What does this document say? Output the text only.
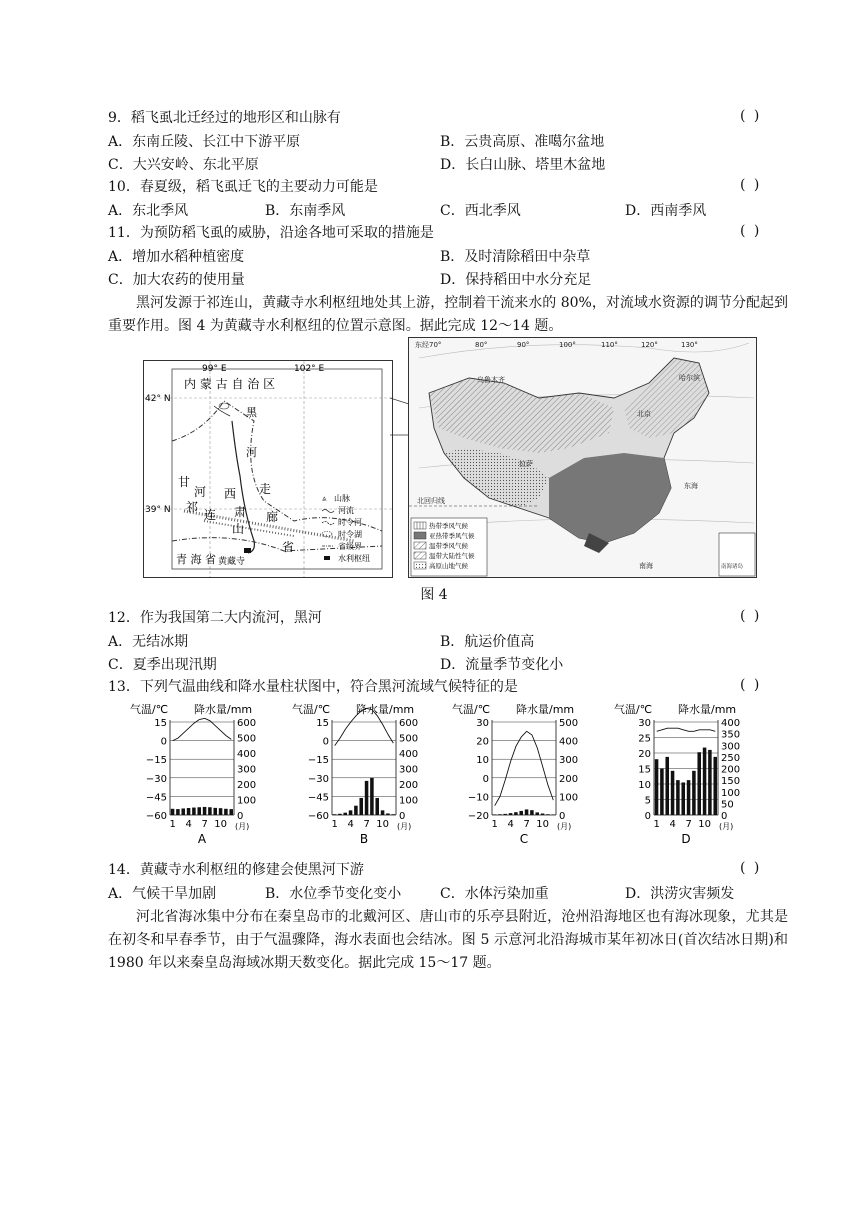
9．稻飞虱北迁经过的地形区和山脉有	( )
A．东南丘陵、长江中下游平原	B．云贵高原、准噶尔盆地
C．大兴安岭、东北平原	D．长白山脉、塔里木盆地
10．春夏级，稻飞虱迁飞的主要动力可能是	( )
A．东北季风	B．东南季风	C．西北季风	D．西南季风
11．为预防稻飞虱的威胁，沿途各地可采取的措施是	( )
A．增加水稻种植密度	B．及时清除稻田中杂草
C．加大农药的使用量	D．保持稻田中水分充足
黑河发源于祁连山，黄藏寺水利枢纽地处其上游，控制着干流来水的 80%，对流域水资源的调节分配起到重要作用。图 4 为黄藏寺水利枢纽的位置示意图。据此完成 12～14 题。
99° E	102° E
42° N
39° N
内 蒙 古 自 治 区
黑
河
甘
河 西
祁
连 肃
山
走
廊
省
青 海 省 黄藏寺
⩓ 山脉
河流
时令河
时令湖
省级界
水利枢纽
东经70°	80°	90°	100°	110°	120°	130°
乌鲁木齐
拉萨
哈尔滨
北京
东海
南海
北回归线
南海诸岛
热带季风气候
亚热带季风气候
温带季风气候
温带大陆性气候
高原山地气候
图 4
12．作为我国第二大内流河，黑河	( )
A．无结冰期	B．航运价值高
C．夏季出现汛期	D．流量季节变化小
13．下列气温曲线和降水量柱状图中，符合黑河流域气候特征的是	( )
气温/℃ 降水量/mm
15
0
−15
−30
−45
−60
600
500
400
300
200
100
0
1 4 7 10 (月)
A
气温/℃ 降水量/mm
15
0
−15
−30
−45
−60
600
500
400
300
200
100
0
1 4 7 10 (月)
B
气温/℃ 降水量/mm
30
20
10
0
−10
−20
500
400
300
200
100
0
1 4 7 10 (月)
C
气温/℃ 降水量/mm
30
25
20
15
10
5
0
400
350
300
250
200
150
100
50
0
1 4 7 10 (月)
D
14．黄藏寺水利枢纽的修建会使黑河下游	( )
A．气候干旱加剧	B．水位季节变化变小	C．水体污染加重	D．洪涝灾害频发
河北省海冰集中分布在秦皇岛市的北戴河区、唐山市的乐亭县附近，沧州沿海地区也有海冰现象，尤其是在初冬和早春季节，由于气温骤降，海水表面也会结冰。图 5 示意河北沿海城市某年初冰日(首次结冰日期)和 1980 年以来秦皇岛海域冰期天数变化。据此完成 15～17 题。
